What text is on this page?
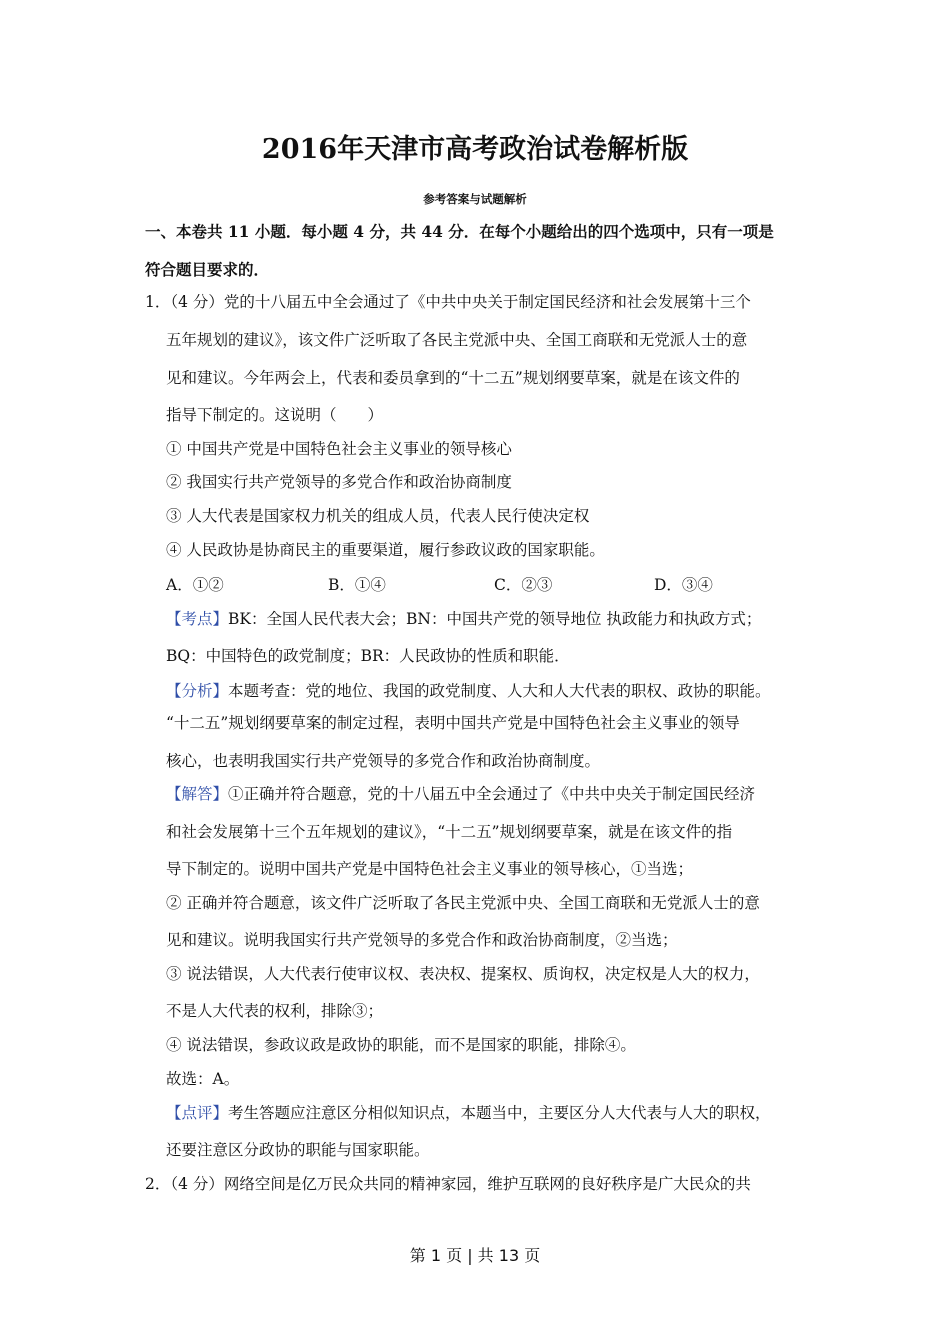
2016年天津市高考政治试卷解析版
参考答案与试题解析
一、本卷共 11 小题．每小题 4 分，共 44 分．在每个小题给出的四个选项中，只有一项是
符合题目要求的．
1．（4 分）党的十八届五中全会通过了《中共中央关于制定国民经济和社会发展第十三个
五年规划的建议》，该文件广泛听取了各民主党派中央、全国工商联和无党派人士的意
见和建议。今年两会上，代表和委员拿到的“十二五”规划纲要草案，就是在该文件的
指导下制定的。这说明（　　）
① 中国共产党是中国特色社会主义事业的领导核心
② 我国实行共产党领导的多党合作和政治协商制度
③ 人大代表是国家权力机关的组成人员，代表人民行使决定权
④ 人民政协是协商民主的重要渠道，履行参政议政的国家职能。
A．①②	B．①④	C．②③	D．③④
【考点】BK：全国人民代表大会；BN：中国共产党的领导地位 执政能力和执政方式；
BQ：中国特色的政党制度；BR：人民政协的性质和职能．
【分析】本题考查：党的地位、我国的政党制度、人大和人大代表的职权、政协的职能。
“十二五”规划纲要草案的制定过程，表明中国共产党是中国特色社会主义事业的领导
核心，也表明我国实行共产党领导的多党合作和政治协商制度。
【解答】①正确并符合题意，党的十八届五中全会通过了《中共中央关于制定国民经济
和社会发展第十三个五年规划的建议》，“十二五”规划纲要草案，就是在该文件的指
导下制定的。说明中国共产党是中国特色社会主义事业的领导核心，①当选；
② 正确并符合题意，该文件广泛听取了各民主党派中央、全国工商联和无党派人士的意
见和建议。说明我国实行共产党领导的多党合作和政治协商制度，②当选；
③ 说法错误，人大代表行使审议权、表决权、提案权、质询权，决定权是人大的权力，
不是人大代表的权利，排除③；
④ 说法错误，参政议政是政协的职能，而不是国家的职能，排除④。
故选：A。
【点评】考生答题应注意区分相似知识点，本题当中，主要区分人大代表与人大的职权，
还要注意区分政协的职能与国家职能。
2．（4 分）网络空间是亿万民众共同的精神家园，维护互联网的良好秩序是广大民众的共
第 1 页 | 共 13 页
